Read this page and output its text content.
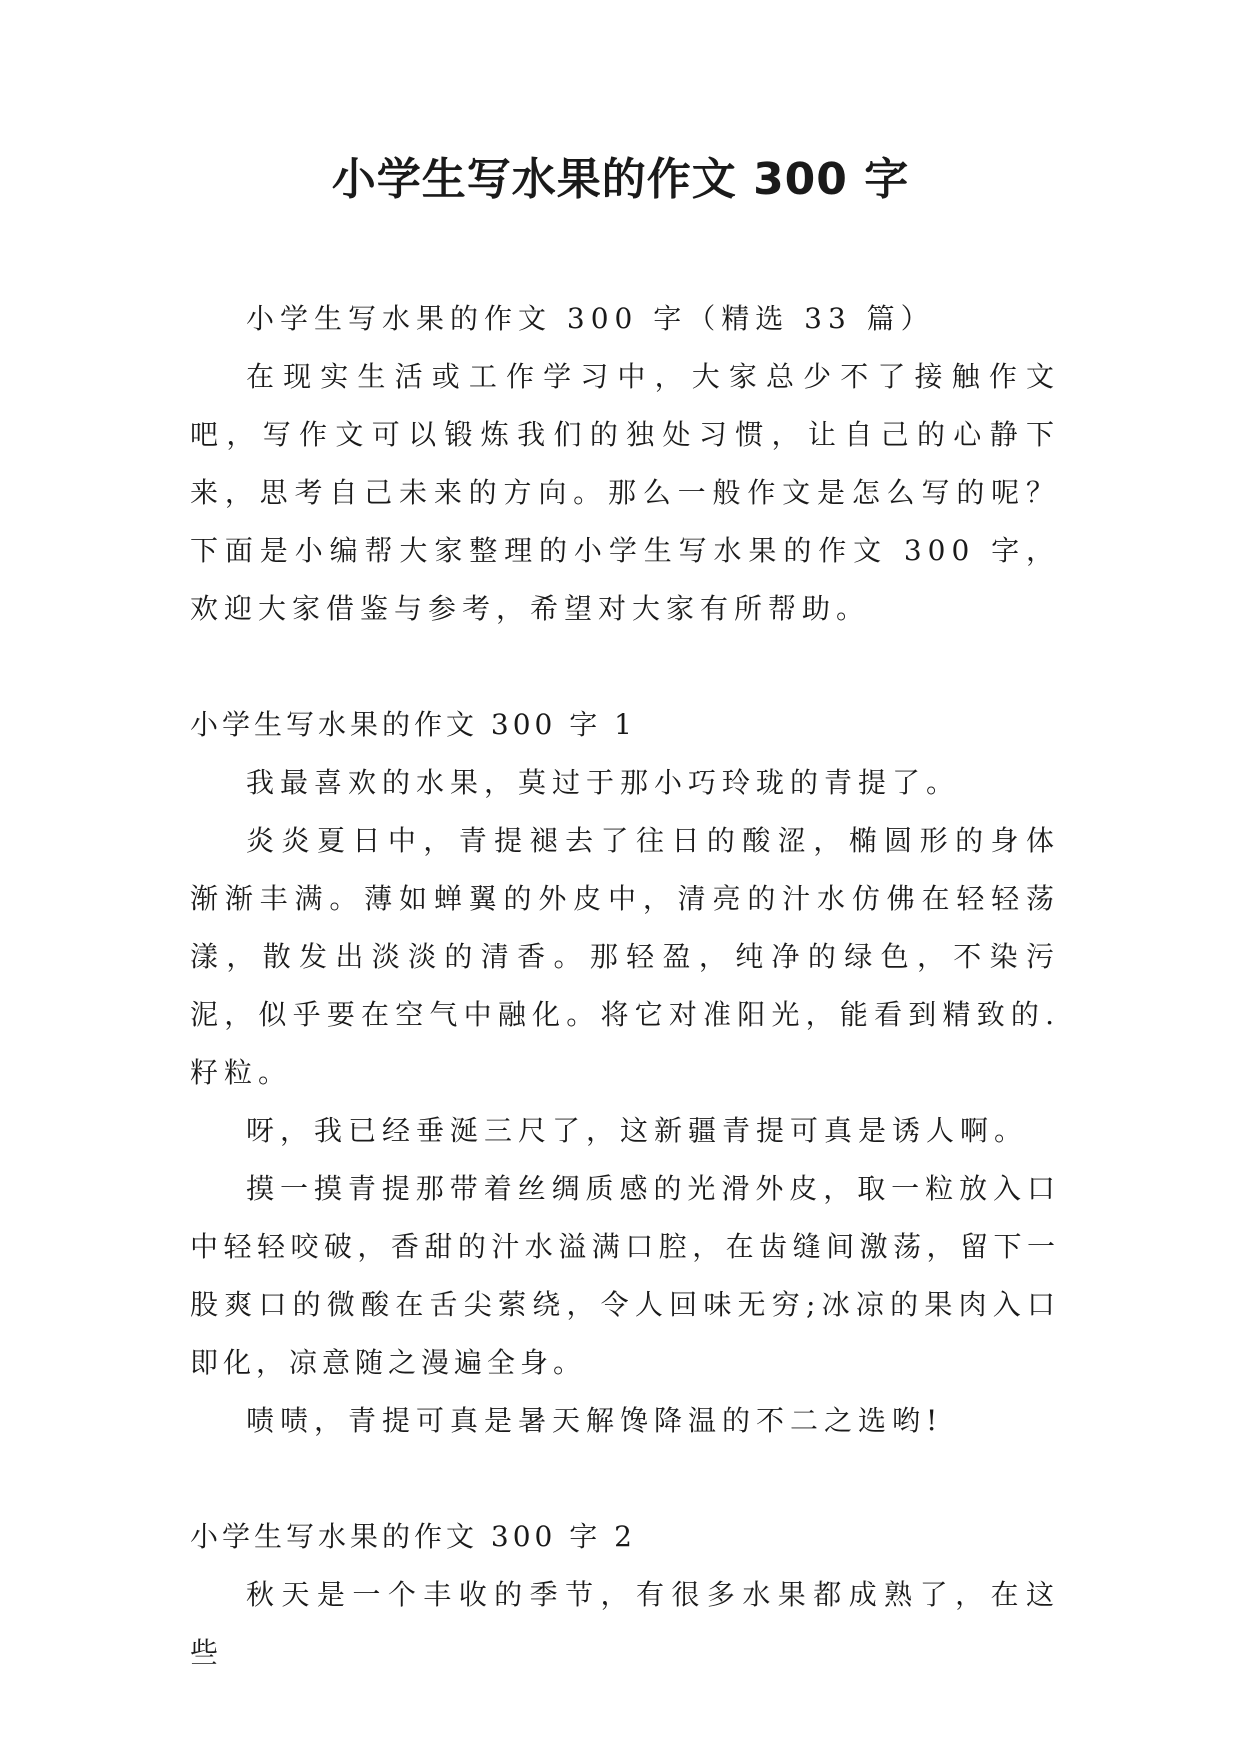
小学生写水果的作文 300 字

小学生写水果的作文 300 字（精选 33 篇）

在现实生活或工作学习中，大家总少不了接触作文吧，写作文可以锻炼我们的独处习惯，让自己的心静下来，思考自己未来的方向。那么一般作文是怎么写的呢？下面是小编帮大家整理的小学生写水果的作文 300 字，欢迎大家借鉴与参考，希望对大家有所帮助。

小学生写水果的作文 300 字 1

我最喜欢的水果，莫过于那小巧玲珑的青提了。

炎炎夏日中，青提褪去了往日的酸涩，椭圆形的身体渐渐丰满。薄如蝉翼的外皮中，清亮的汁水仿佛在轻轻荡漾，散发出淡淡的清香。那轻盈，纯净的绿色，不染污泥，似乎要在空气中融化。将它对准阳光，能看到精致的.籽粒。

呀，我已经垂涎三尺了，这新疆青提可真是诱人啊。

摸一摸青提那带着丝绸质感的光滑外皮，取一粒放入口中轻轻咬破，香甜的汁水溢满口腔，在齿缝间激荡，留下一股爽口的微酸在舌尖萦绕，令人回味无穷;冰凉的果肉入口即化，凉意随之漫遍全身。

啧啧，青提可真是暑天解馋降温的不二之选哟!

小学生写水果的作文 300 字 2

秋天是一个丰收的季节，有很多水果都成熟了，在这些
